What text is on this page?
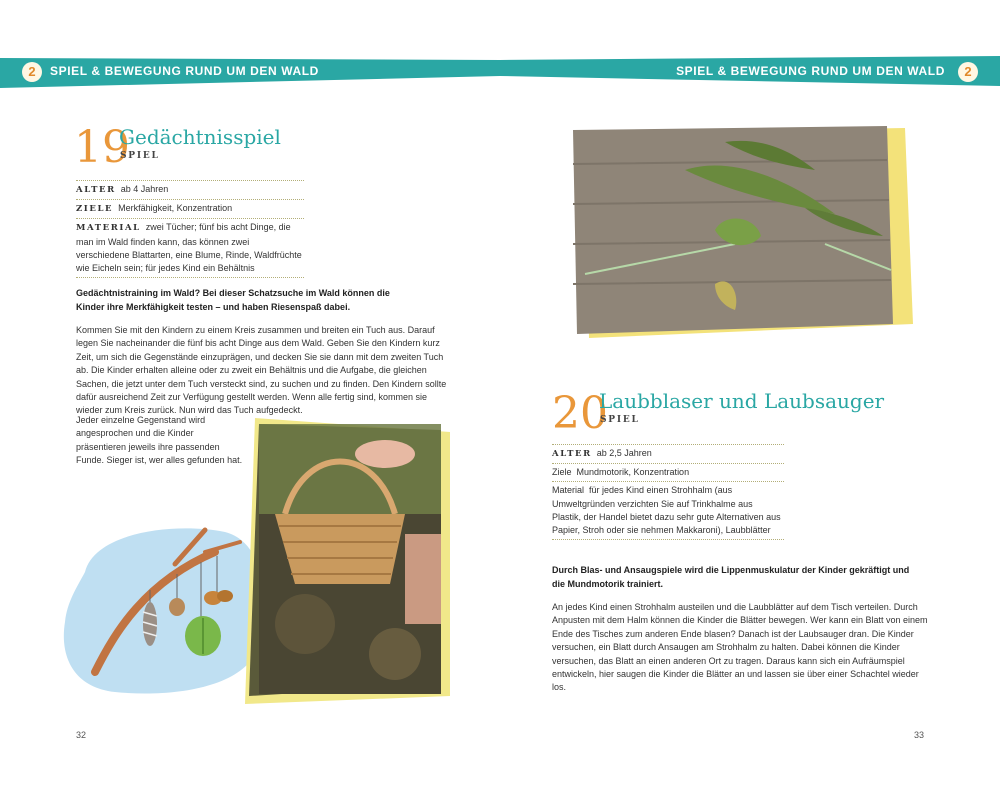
2	SPIEL & BEWEGUNG RUND UM DEN WALD	SPIEL & BEWEGUNG RUND UM DEN WALD	2
19
Gedächtnisspiel
SPIEL
ALTER ab 4 Jahren
ZIELE Merkfähigkeit, Konzentration
MATERIAL zwei Tücher; fünf bis acht Dinge, die man im Wald finden kann, das können zwei verschiedene Blattarten, eine Blume, Rinde, Waldfrüchte wie Eicheln sein; für jedes Kind ein Behältnis
Gedächtnistraining im Wald? Bei dieser Schatzsuche im Wald können die Kinder ihre Merkfähigkeit testen – und haben Riesenspaß dabei.
Kommen Sie mit den Kindern zu einem Kreis zusammen und breiten ein Tuch aus. Darauf legen Sie nacheinander die fünf bis acht Dinge aus dem Wald. Geben Sie den Kindern kurz Zeit, um sich die Gegenstände einzuprägen, und decken Sie sie dann mit dem zweiten Tuch ab. Die Kinder erhalten alleine oder zu zweit ein Behältnis und die Aufgabe, die gleichen Sachen, die jetzt unter dem Tuch versteckt sind, zu suchen und zu finden. Den Kindern sollte dafür ausreichend Zeit zur Verfügung gestellt werden. Wenn alle fertig sind, kommen sie wieder zum Kreis zurück. Nun wird das Tuch aufgedeckt.
Jeder einzelne Gegenstand wird angesprochen und die Kinder präsentieren jeweils ihre passenden Funde. Sieger ist, wer alles gefunden hat.
32
20
Laubblaser und Laubsauger
SPIEL
ALTER ab 2,5 Jahren
Ziele Mundmotorik, Konzentration
Material für jedes Kind einen Strohhalm (aus Umweltgründen verzichten Sie auf Trinkhalme aus Plastik, der Handel bietet dazu sehr gute Alternativen aus Papier, Stroh oder sie nehmen Makkaroni), Laubblätter
Durch Blas- und Ansaugspiele wird die Lippenmuskulatur der Kinder gekräftigt und die Mundmotorik trainiert.
An jedes Kind einen Strohhalm austeilen und die Laubblätter auf dem Tisch verteilen. Durch Anpusten mit dem Halm können die Kinder die Blätter bewegen. Wer kann ein Blatt von einem Ende des Tisches zum anderen Ende blasen? Danach ist der Laubsauger dran. Die Kinder versuchen, ein Blatt durch Ansaugen am Strohhalm zu halten. Dabei können die Kinder versuchen, das Blatt an einen anderen Ort zu tragen. Daraus kann sich ein Aufräumspiel entwickeln, hier saugen die Kinder die Blätter an und lassen sie über einer Schachtel wieder los.
33
